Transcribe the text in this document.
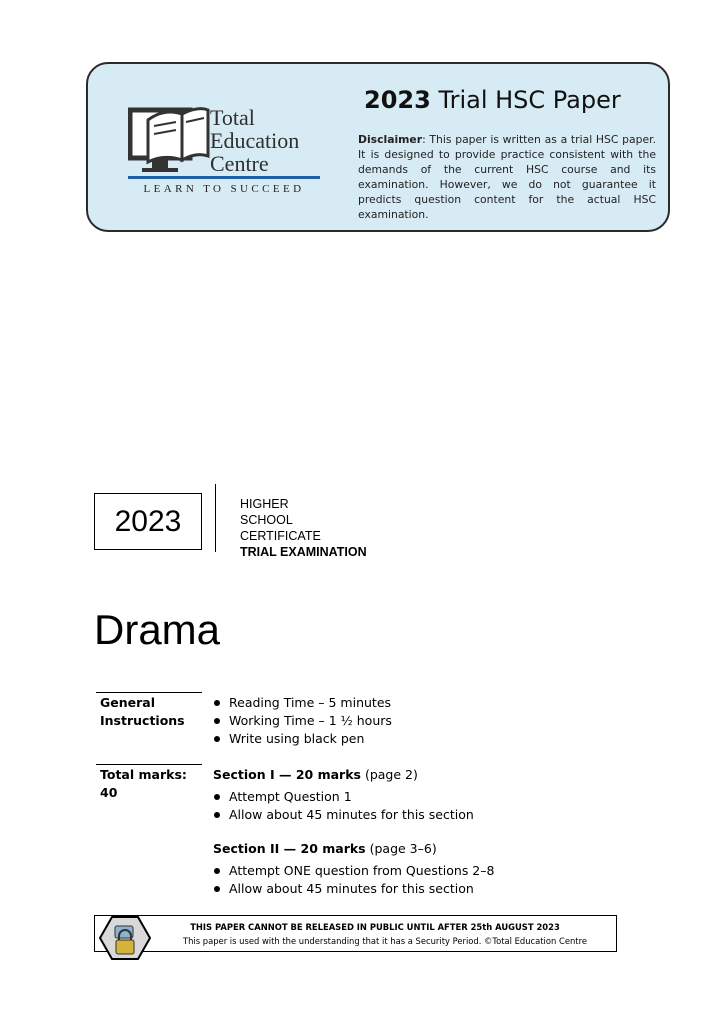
Total
Education
Centre
LEARN TO SUCCEED
2023 Trial HSC Paper
Disclaimer: This paper is written as a trial HSC paper. It is designed to provide practice consistent with the demands of the current HSC course and its examination. However, we do not guarantee it predicts question content for the actual HSC examination.
2023
HIGHER
SCHOOL
CERTIFICATE
TRIAL EXAMINATION
Drama
General
Instructions
Reading Time – 5 minutes
Working Time – 1 ½ hours
Write using black pen
Total marks:
40
Section I — 20 marks (page 2)
Attempt Question 1
Allow about 45 minutes for this section
Section II — 20 marks (page 3–6)
Attempt ONE question from Questions 2–8
Allow about 45 minutes for this section
THIS PAPER CANNOT BE RELEASED IN PUBLIC UNTIL AFTER 25th AUGUST 2023
This paper is used with the understanding that it has a Security Period. ©Total Education Centre
